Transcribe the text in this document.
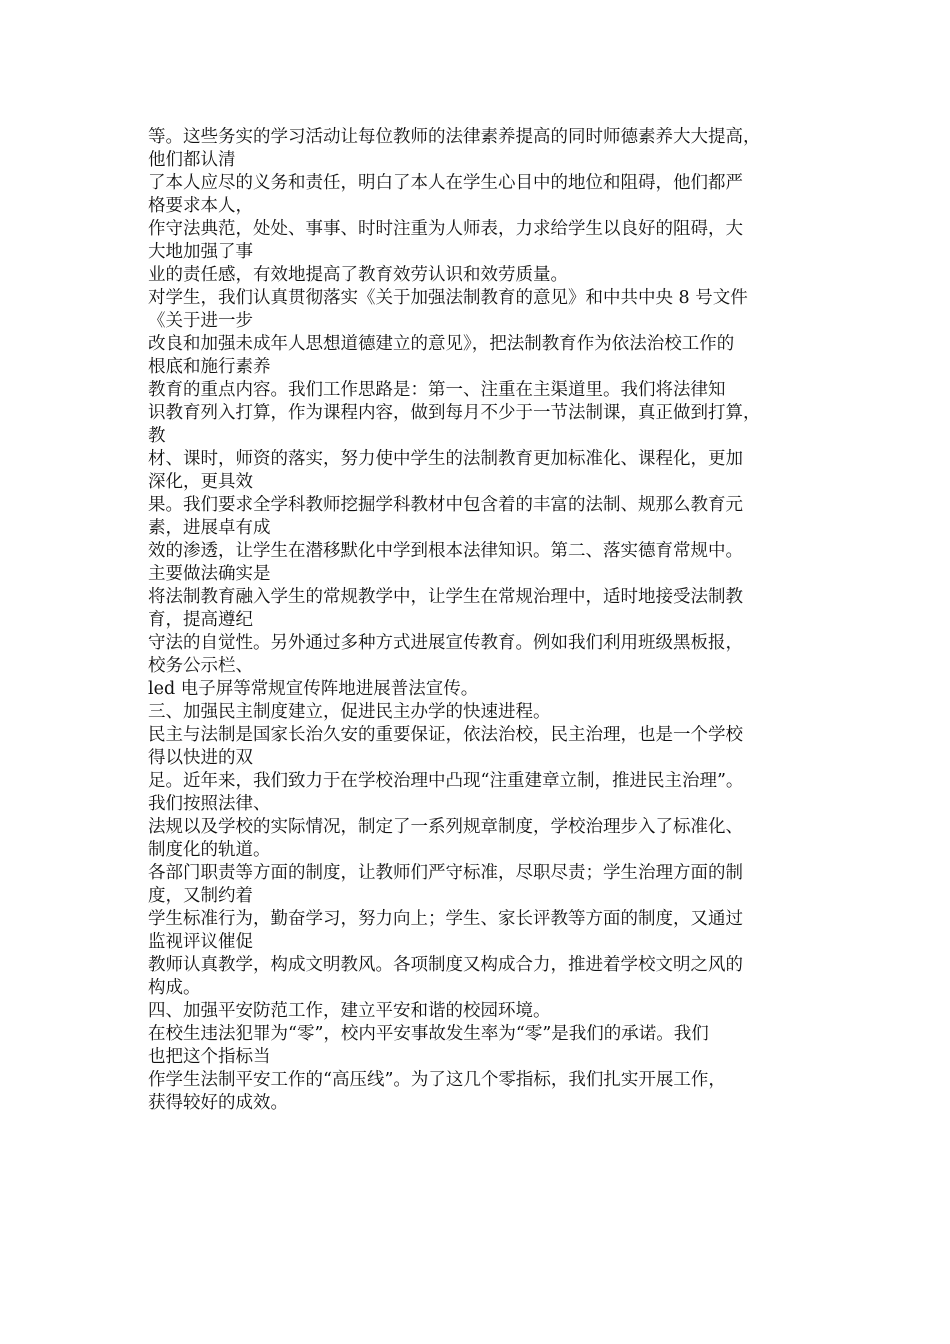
等。这些务实的学习活动让每位教师的法律素养提高的同时师德素养大大提高，
他们都认清
了本人应尽的义务和责任，明白了本人在学生心目中的地位和阻碍，他们都严
格要求本人，
作守法典范，处处、事事、时时注重为人师表，力求给学生以良好的阻碍，大
大地加强了事
业的责任感，有效地提高了教育效劳认识和效劳质量。
对学生，我们认真贯彻落实《关于加强法制教育的意见》和中共中央 8 号文件
《关于进一步
改良和加强未成年人思想道德建立的意见》，把法制教育作为依法治校工作的
根底和施行素养
教育的重点内容。我们工作思路是：第一、注重在主渠道里。我们将法律知
识教育列入打算，作为课程内容，做到每月不少于一节法制课，真正做到打算，
教
材、课时，师资的落实，努力使中学生的法制教育更加标准化、课程化，更加
深化，更具效
果。我们要求全学科教师挖掘学科教材中包含着的丰富的法制、规那么教育元
素，进展卓有成
效的渗透，让学生在潜移默化中学到根本法律知识。第二、落实德育常规中。
主要做法确实是
将法制教育融入学生的常规教学中，让学生在常规治理中，适时地接受法制教
育，提高遵纪
守法的自觉性。另外通过多种方式进展宣传教育。例如我们利用班级黑板报，
校务公示栏、
led 电子屏等常规宣传阵地进展普法宣传。
三、加强民主制度建立，促进民主办学的快速进程。
民主与法制是国家长治久安的重要保证，依法治校，民主治理，也是一个学校
得以快进的双
足。近年来，我们致力于在学校治理中凸现“注重建章立制，推进民主治理”。
我们按照法律、
法规以及学校的实际情况，制定了一系列规章制度，学校治理步入了标准化、
制度化的轨道。
各部门职责等方面的制度，让教师们严守标准，尽职尽责；学生治理方面的制
度，又制约着
学生标准行为，勤奋学习，努力向上；学生、家长评教等方面的制度，又通过
监视评议催促
教师认真教学，构成文明教风。各项制度又构成合力，推进着学校文明之风的
构成。
四、加强平安防范工作，建立平安和谐的校园环境。
在校生违法犯罪为“零”，校内平安事故发生率为“零”是我们的承诺。我们
也把这个指标当
作学生法制平安工作的“高压线”。为了这几个零指标，我们扎实开展工作，
获得较好的成效。
